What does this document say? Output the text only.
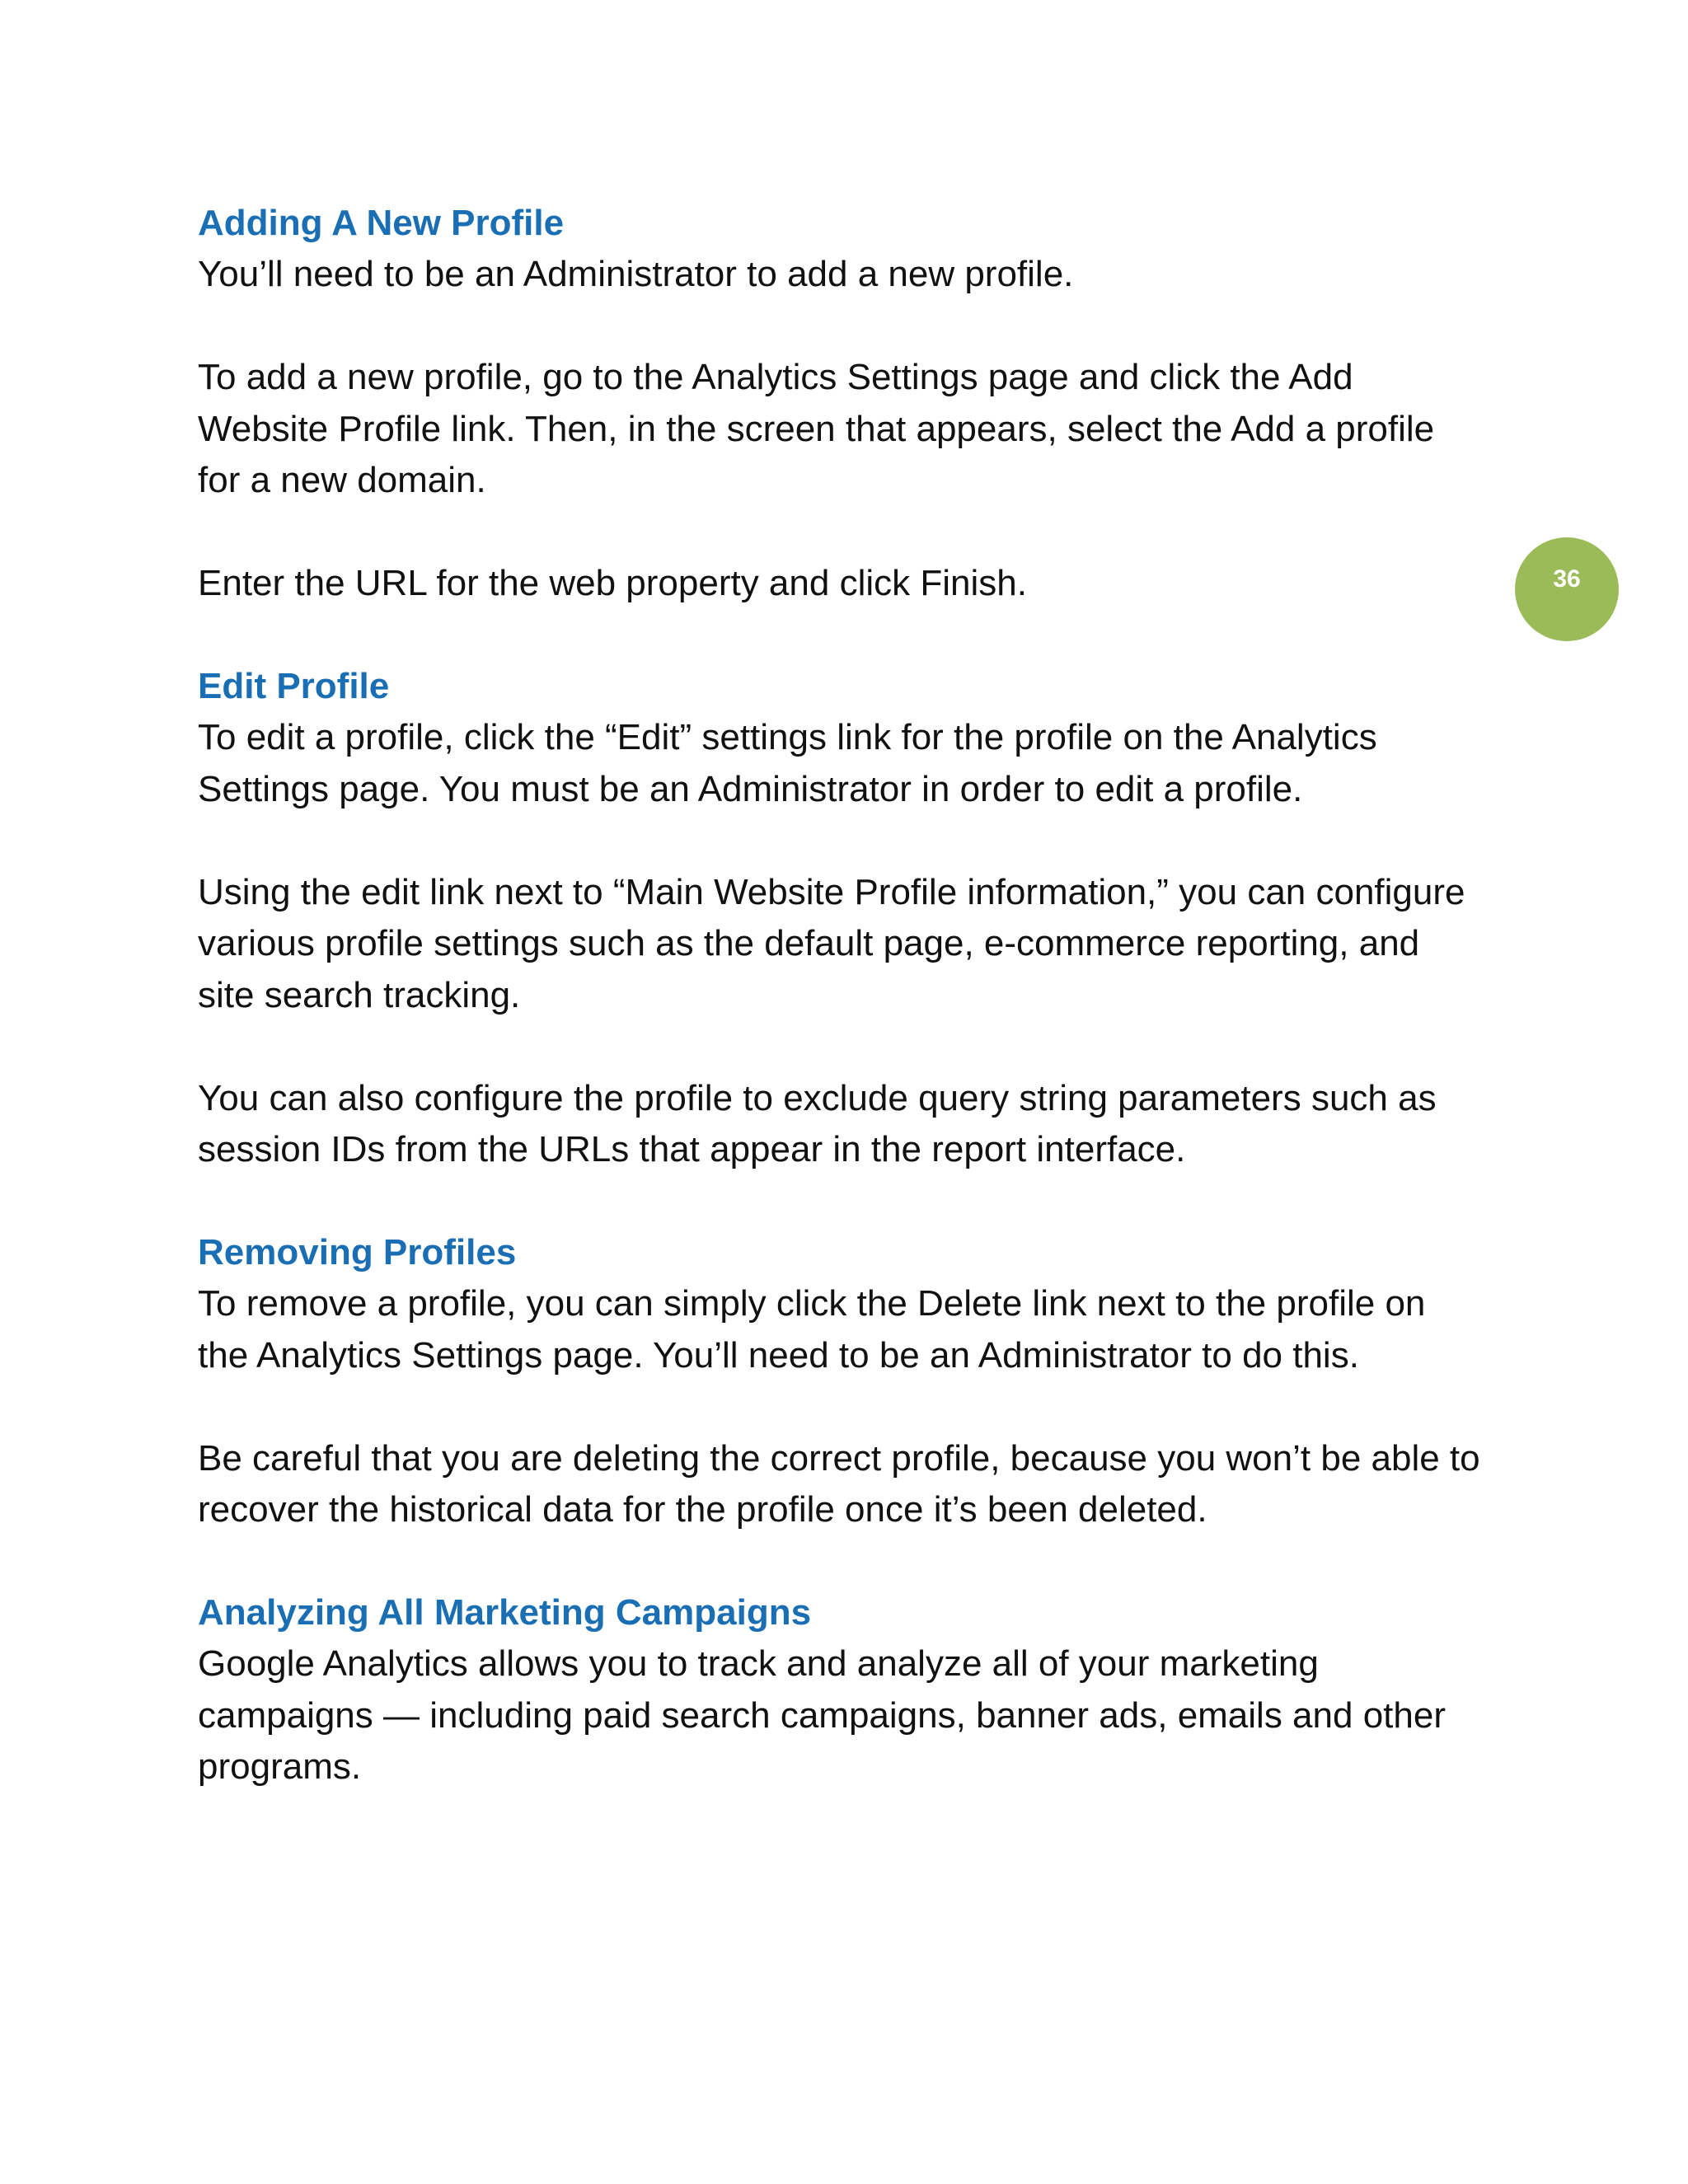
Adding A New Profile

You’ll need to be an Administrator to add a new profile.

To add a new profile, go to the Analytics Settings page and click the Add Website Profile link. Then, in the screen that appears, select the Add a profile for a new domain.

Enter the URL for the web property and click Finish.

Edit Profile

To edit a profile, click the “Edit” settings link for the profile on the Analytics Settings page. You must be an Administrator in order to edit a profile.

Using the edit link next to “Main Website Profile information,” you can configure various profile settings such as the default page, e-commerce reporting, and site search tracking.

You can also configure the profile to exclude query string parameters such as session IDs from the URLs that appear in the report interface.

Removing Profiles

To remove a profile, you can simply click the Delete link next to the profile on the Analytics Settings page. You’ll need to be an Administrator to do this.

Be careful that you are deleting the correct profile, because you won’t be able to recover the historical data for the profile once it’s been deleted.

Analyzing All Marketing Campaigns

Google Analytics allows you to track and analyze all of your marketing campaigns — including paid search campaigns, banner ads, emails and other programs.

36
